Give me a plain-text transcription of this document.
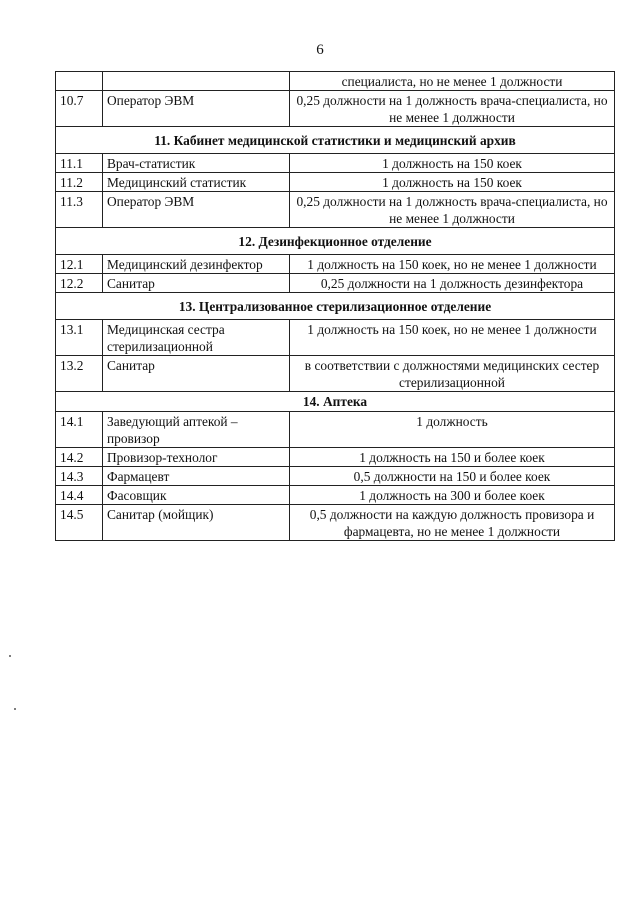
6
		специалиста, но не менее 1 должности
10.7	Оператор ЭВМ	0,25 должности на 1 должность врача-специалиста, но не менее 1 должности
11. Кабинет медицинской статистики и медицинский архив		
11.1	Врач-статистик	1 должность на 150 коек
11.2	Медицинский статистик	1 должность на 150 коек
11.3	Оператор ЭВМ	0,25 должности на 1 должность врача-специалиста, но не менее 1 должности
12. Дезинфекционное отделение		
12.1	Медицинский дезинфектор	1 должность на 150 коек, но не менее 1 должности
12.2	Санитар	0,25 должности на 1 должность дезинфектора
13. Централизованное стерилизационное отделение		
13.1	Медицинская сестра стерилизационной	1 должность на 150 коек, но не менее 1 должности
13.2	Санитар	в соответствии с должностями медицинских сестер стерилизационной
14. Аптека		
14.1	Заведующий аптекой – провизор	1 должность
14.2	Провизор-технолог	1 должность на 150 и более коек
14.3	Фармацевт	0,5 должности на 150 и более коек
14.4	Фасовщик	1 должность на 300 и более коек
14.5	Санитар (мойщик)	0,5 должности на каждую должность провизора и фармацевта, но не менее 1 должности
